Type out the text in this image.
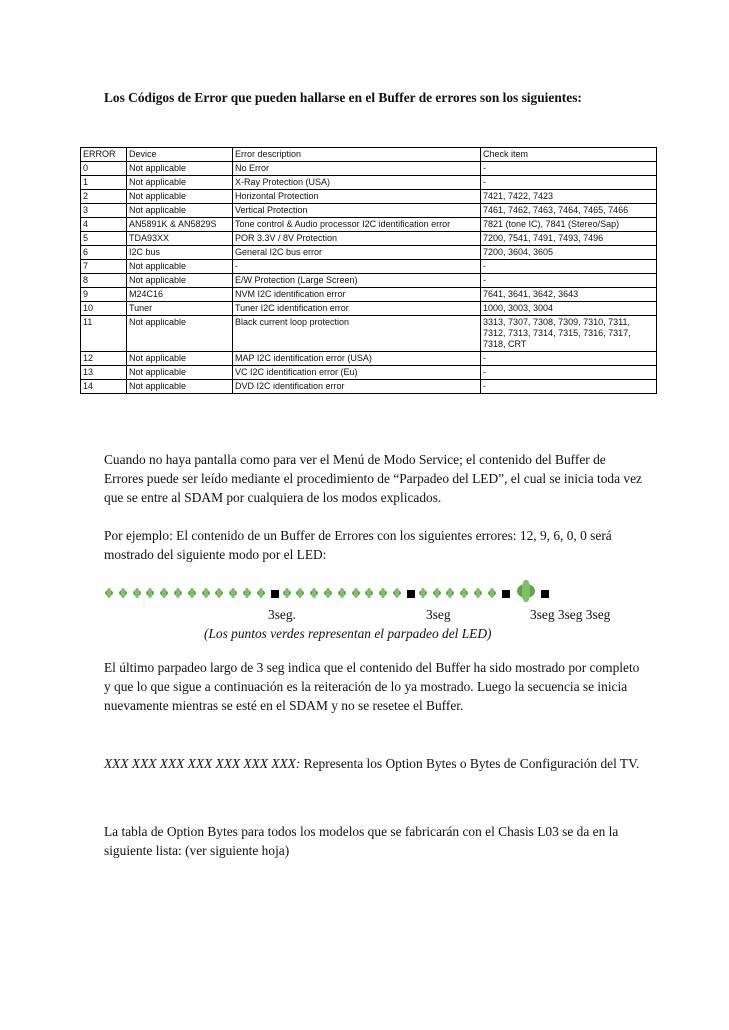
Los Códigos de Error que pueden hallarse en el Buffer de errores son los siguientes:
ERROR	Device	Error description	Check item
0	Not applicable	No Error	-
1	Not applicable	X-Ray Protection (USA)	-
2	Not applicable	Horizontal Protection	7421, 7422, 7423
3	Not applicable	Vertical Protection	7461, 7462, 7463, 7464, 7465, 7466
4	AN5891K & AN5829S	Tone control & Audio processor I2C identification error	7821 (tone IC), 7841 (Stereo/Sap)
5	TDA93XX	POR 3.3V / 8V Protection	7200, 7541, 7491, 7493, 7496
6	I2C bus	General I2C bus error	7200, 3604, 3605
7	Not applicable	-	-
8	Not applicable	E/W Protection (Large Screen)	-
9	M24C16	NVM I2C identification error	7641, 3641, 3642, 3643
10	Tuner	Tuner I2C identification error	1000, 3003, 3004
11	Not applicable	Black current loop protection	3313, 7307, 7308, 7309, 7310, 7311, 7312, 7313, 7314, 7315, 7316, 7317, 7318, CRT
12	Not applicable	MAP I2C identification error (USA)	-
13	Not applicable	VC I2C identification error (Eu)	-
14	Not applicable	DVD I2C identification error	-
Cuando no haya pantalla como para ver el Menú de Modo Service; el contenido del Buffer de Errores puede ser leído mediante el procedimiento de “Parpadeo del LED”, el cual se inicia toda vez que se entre al SDAM por cualquiera de los modos explicados.
Por ejemplo: El contenido de un Buffer de Errores con los siguientes errores: 12, 9, 6, 0, 0 será mostrado del siguiente modo por el LED:
3seg.	3seg	3seg 3seg 3seg
(Los puntos verdes representan el parpadeo del LED)
El último parpadeo largo de 3 seg indica que el contenido del Buffer ha sido mostrado por completo y que lo que sigue a continuación es la reiteración de lo ya mostrado. Luego la secuencia se inicia nuevamente mientras se esté en el SDAM y no se resetee el Buffer.
XXX XXX XXX XXX XXX XXX XXX: Representa los Option Bytes o Bytes de Configuración del TV.
La tabla de Option Bytes para todos los modelos que se fabricarán con el Chasis L03 se da en la siguiente lista: (ver siguiente hoja)
